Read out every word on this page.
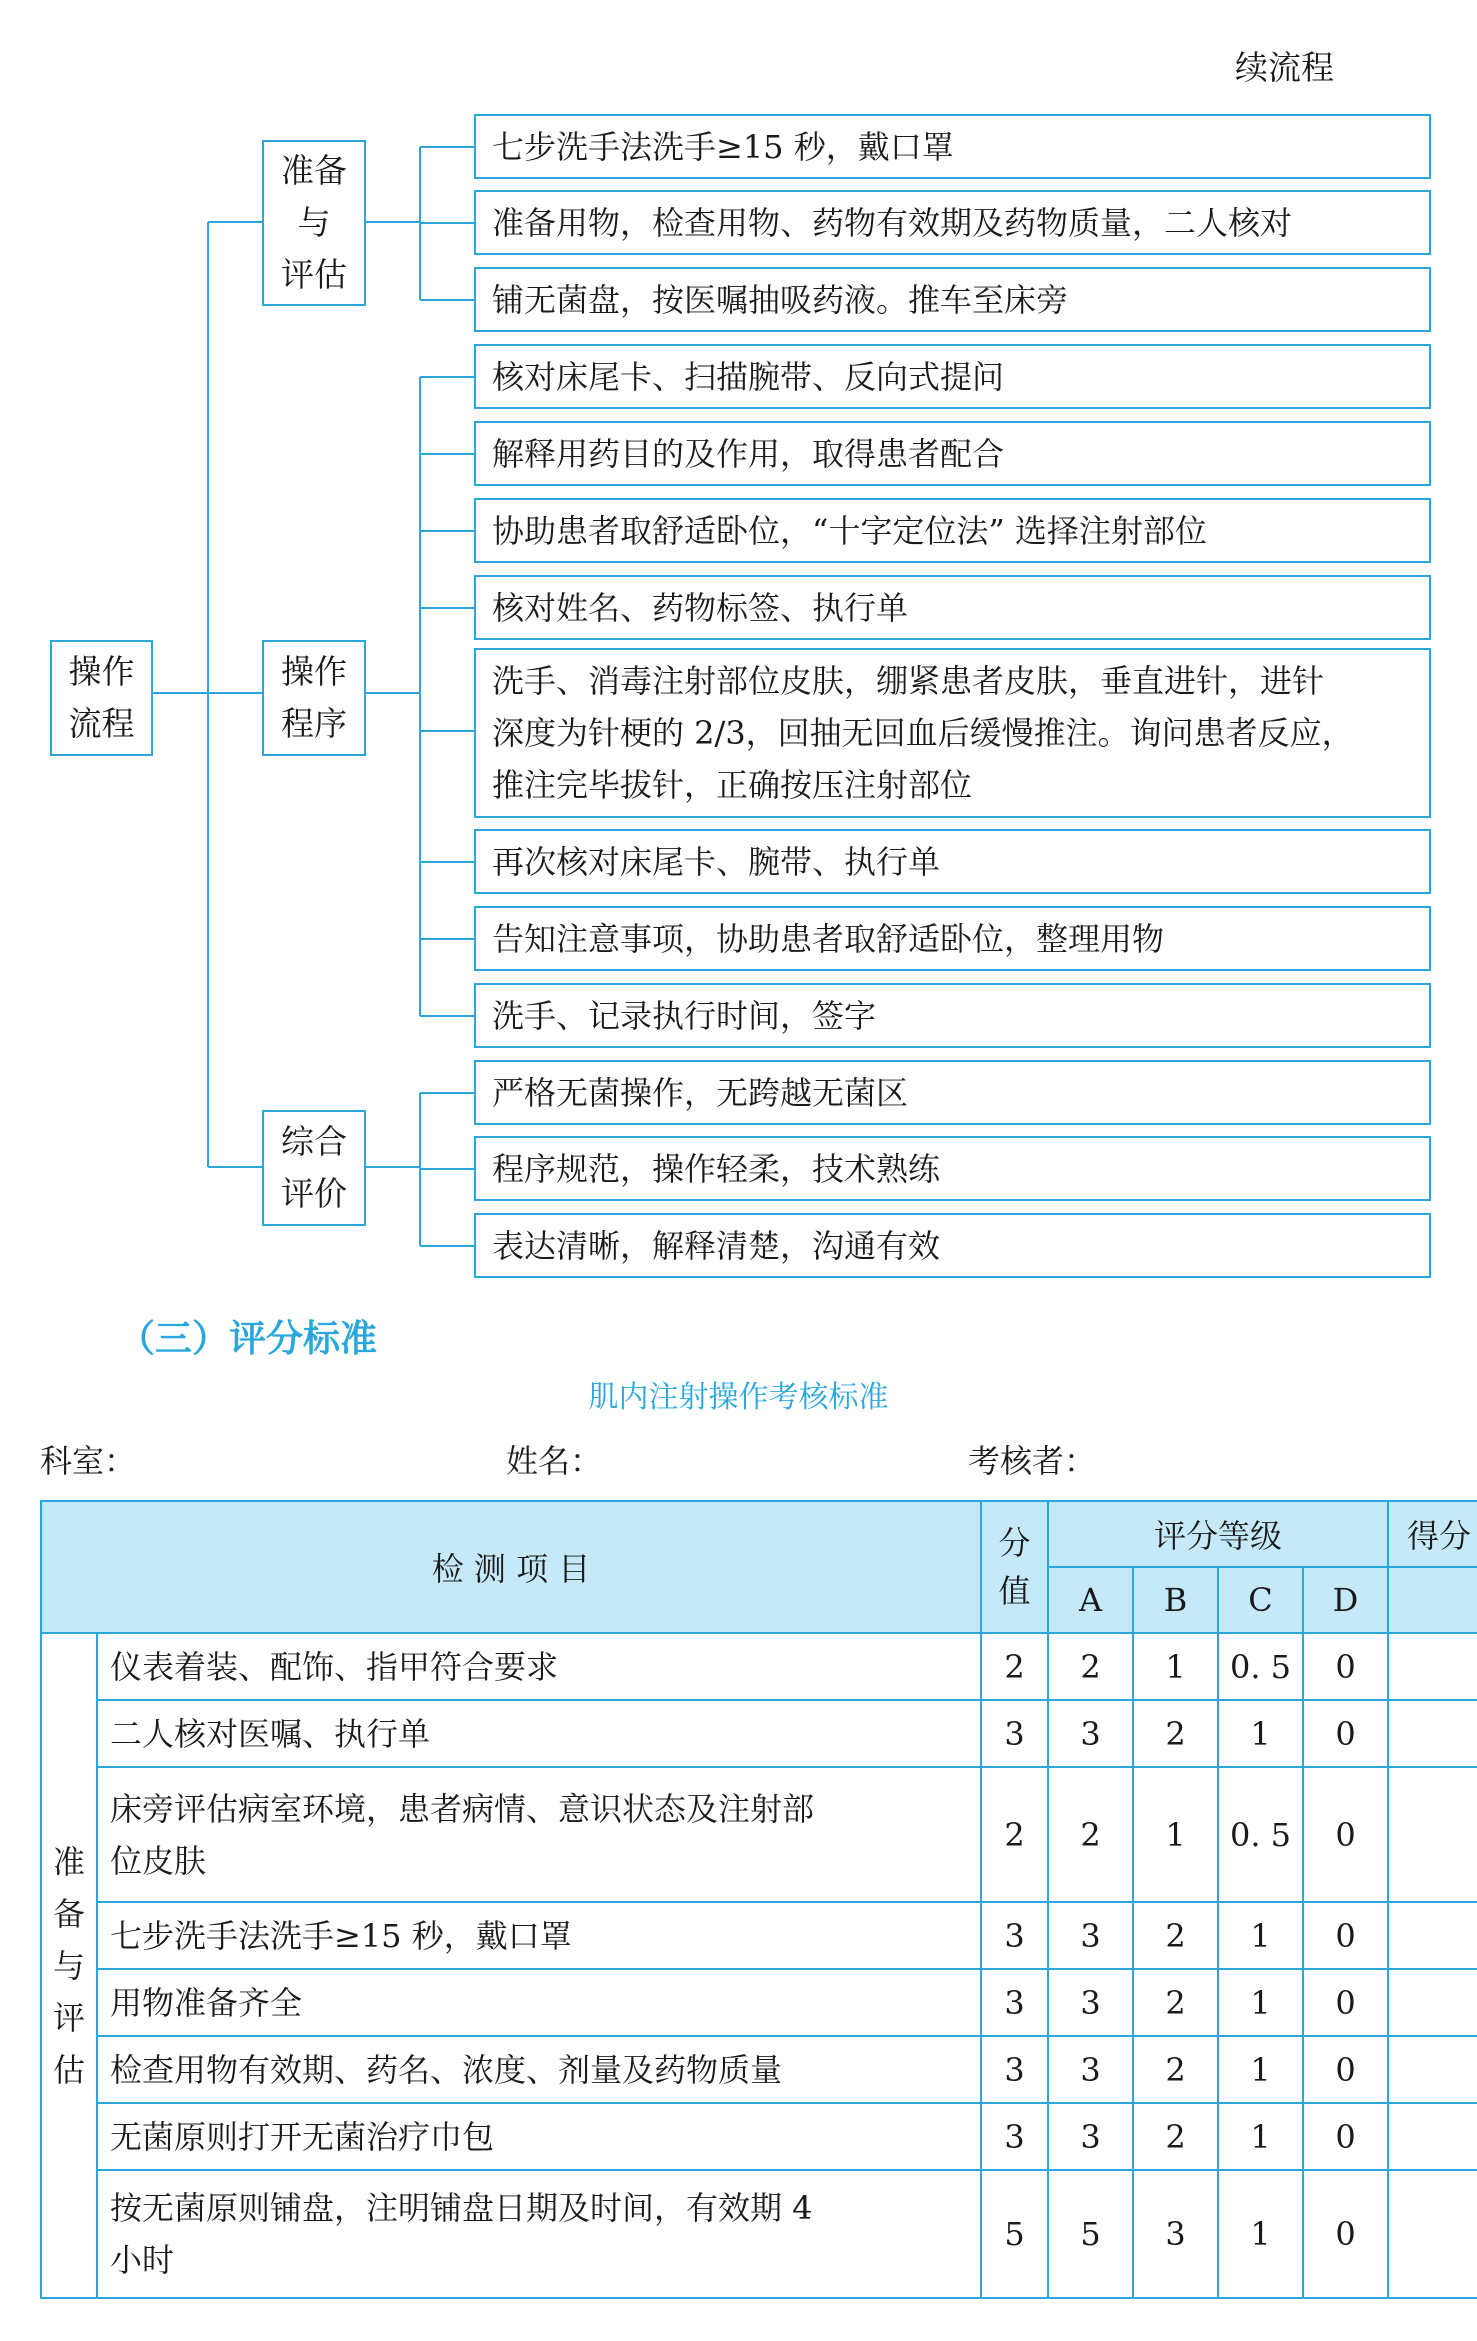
续流程
操作
流程
准备
与
评估
操作
程序
综合
评价
七步洗手法洗手≥15 秒，戴口罩
准备用物，检查用物、药物有效期及药物质量，二人核对
铺无菌盘，按医嘱抽吸药液。推车至床旁
核对床尾卡、扫描腕带、反向式提问
解释用药目的及作用，取得患者配合
协助患者取舒适卧位，“十字定位法” 选择注射部位
核对姓名、药物标签、执行单
洗手、消毒注射部位皮肤，绷紧患者皮肤，垂直进针，进针
深度为针梗的 2/3，回抽无回血后缓慢推注。询问患者反应，
推注完毕拔针，正确按压注射部位
再次核对床尾卡、腕带、执行单
告知注意事项，协助患者取舒适卧位，整理用物
洗手、记录执行时间，签字
严格无菌操作，无跨越无菌区
程序规范，操作轻柔，技术熟练
表达清晰，解释清楚，沟通有效
（三）评分标准
肌内注射操作考核标准
科室：	姓名：	考核者：
检 测 项 目		分
值	评分等级				得分
			A	B	C	D	

准
备
与
评
估	仪表着装、配饰、指甲符合要求	2	2	1	0. 5	0	
	二人核对医嘱、执行单	3	3	2	1	0	

	床旁评估病室环境，患者病情、意识状态及注射部
位皮肤	2	2	1	0. 5	0	
	七步洗手法洗手≥15 秒，戴口罩	3	3	2	1	0	
	用物准备齐全	3	3	2	1	0	
	检查用物有效期、药名、浓度、剂量及药物质量	3	3	2	1	0	
	无菌原则打开无菌治疗巾包	3	3	2	1	0	

	按无菌原则铺盘，注明铺盘日期及时间，有效期 4
小时	5	5	3	1	0	
